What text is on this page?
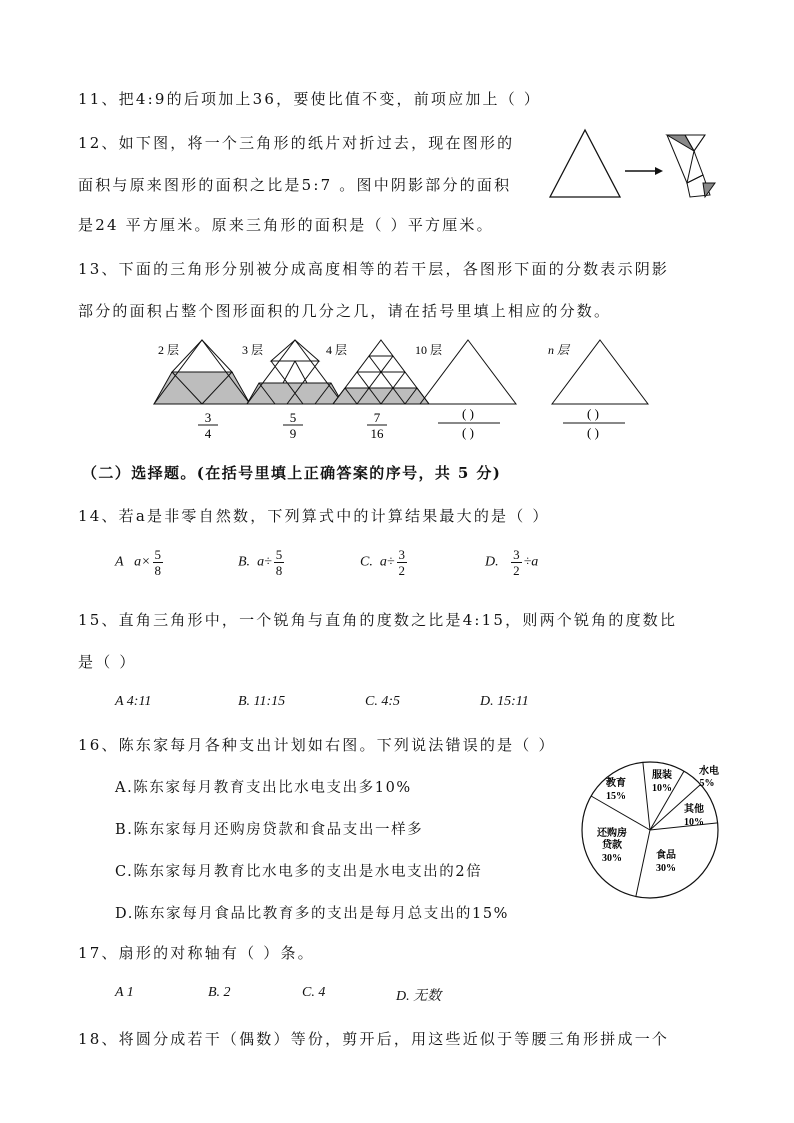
11、把4:9的后项加上36，要使比值不变，前项应加上（ ）
12、如下图，将一个三角形的纸片对折过去，现在图形的
面积与原来图形的面积之比是5:7 。图中阴影部分的面积
是24 平方厘米。原来三角形的面积是（ ）平方厘米。
13、下面的三角形分别被分成高度相等的若干层，各图形下面的分数表示阴影
部分的面积占整个图形面积的几分之几，请在括号里填上相应的分数。
2 层
3
4
3 层
5
9
4 层
7
16
10 层
( )
( )
n 层
( )
( )
（二）选择题。(在括号里填上正确答案的序号，共 5 分)
14、若a是非零自然数，下列算式中的计算结果最大的是（ ）
A $a\times \frac{5}{8}$	B. $a\div \frac{5}{8}$	C. $a\div \frac{3}{2}$	D. $\frac{3}{2} \div a$
15、直角三角形中，一个锐角与直角的度数之比是4:15，则两个锐角的度数比
是（ ）
A 4:11	B. 11:15	C. 4:5	D. 15:11
16、陈东家每月各种支出计划如右图。下列说法错误的是（ ）
A.陈东家每月教育支出比水电支出多10%
B.陈东家每月还购房贷款和食品支出一样多
C.陈东家每月教育比水电多的支出是水电支出的2倍
D.陈东家每月食品比教育多的支出是每月总支出的15%
教育
15%
服装
10%
水电
5%
其他
10%
食品
30%
还购房
贷款
30%
17、扇形的对称轴有（ ）条。
A 1	B. 2	C. 4	D. 无数
18、将圆分成若干（偶数）等份，剪开后，用这些近似于等腰三角形拼成一个
